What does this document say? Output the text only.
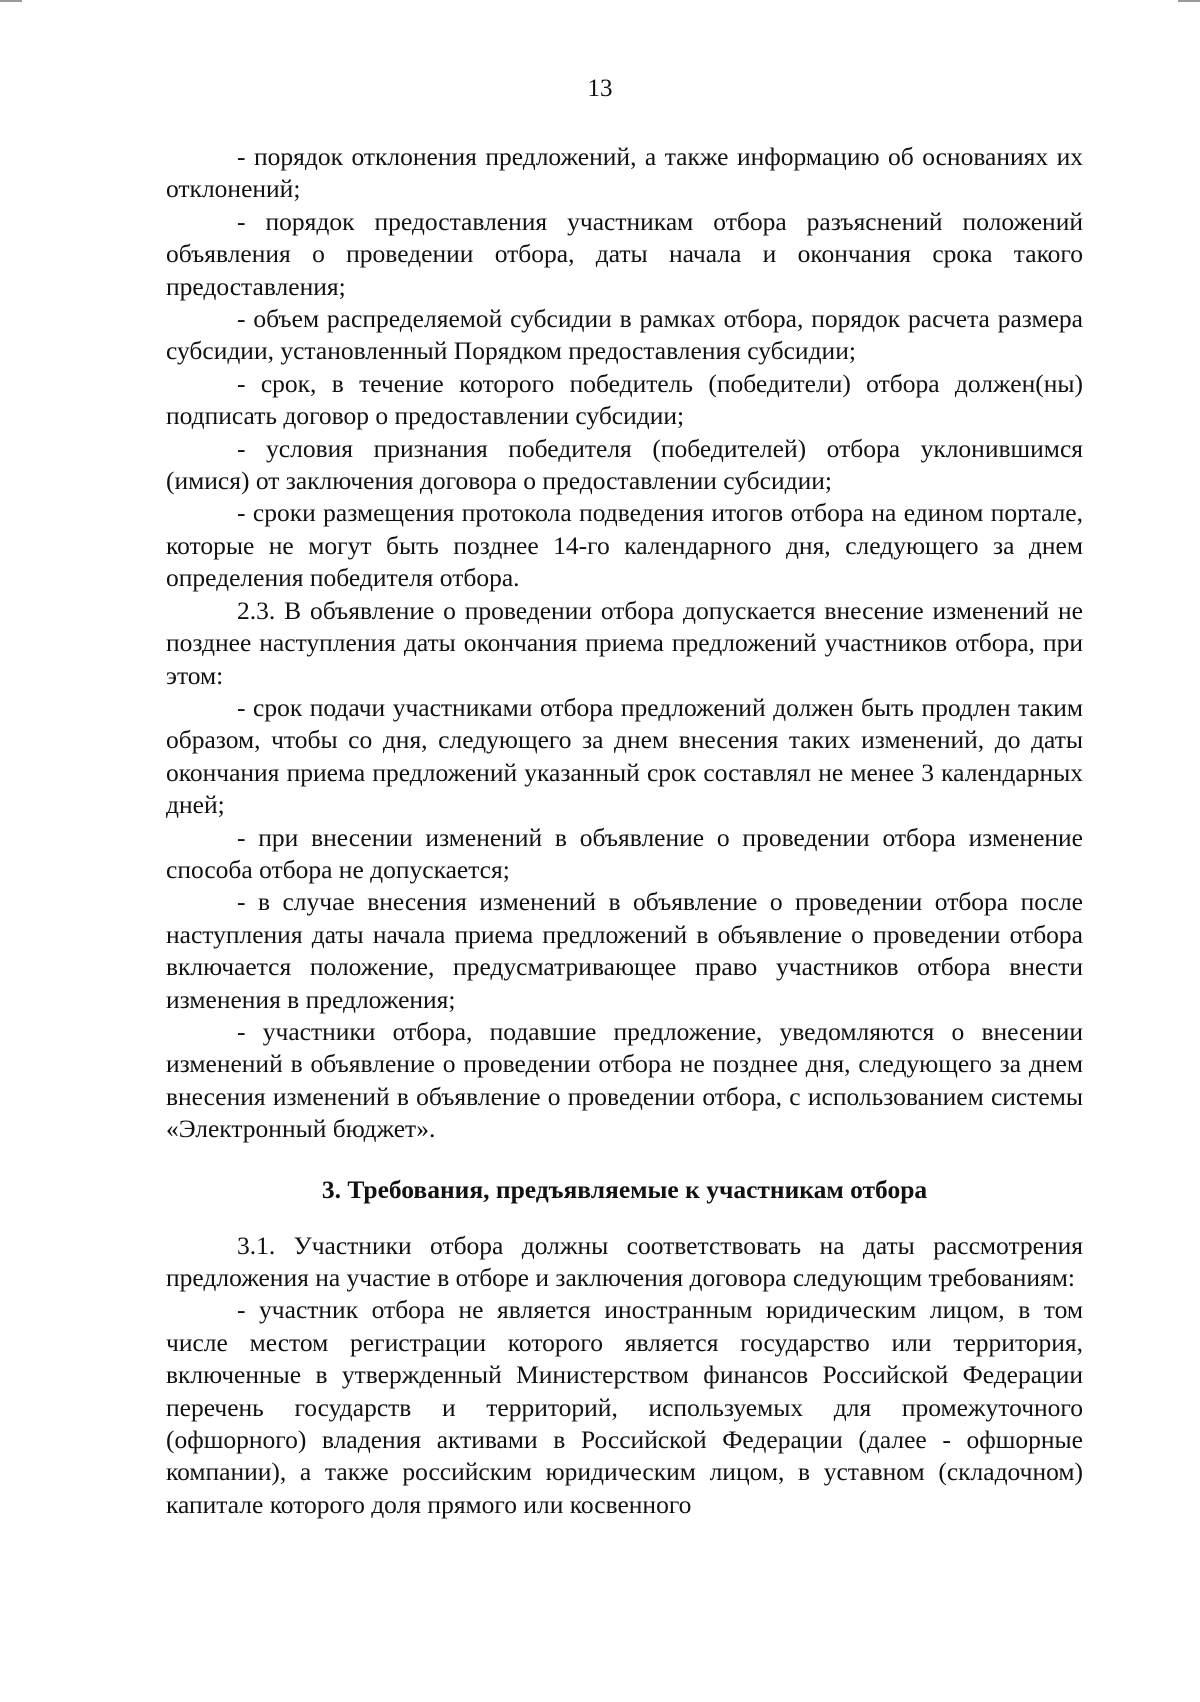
13

- порядок отклонения предложений, а также информацию об основаниях их отклонений;

- порядок предоставления участникам отбора разъяснений положений объявления о проведении отбора, даты начала и окончания срока такого предоставления;

- объем распределяемой субсидии в рамках отбора, порядок расчета размера субсидии, установленный Порядком предоставления субсидии;

- срок, в течение которого победитель (победители) отбора должен(ны) подписать договор о предоставлении субсидии;

- условия признания победителя (победителей) отбора уклонившимся (имися) от заключения договора о предоставлении субсидии;

- сроки размещения протокола подведения итогов отбора на едином портале, которые не могут быть позднее 14-го календарного дня, следующего за днем определения победителя отбора.

2.3. В объявление о проведении отбора допускается внесение изменений не позднее наступления даты окончания приема предложений участников отбора, при этом:

- срок подачи участниками отбора предложений должен быть продлен таким образом, чтобы со дня, следующего за днем внесения таких изменений, до даты окончания приема предложений указанный срок составлял не менее 3 календарных дней;

- при внесении изменений в объявление о проведении отбора изменение способа отбора не допускается;

- в случае внесения изменений в объявление о проведении отбора после наступления даты начала приема предложений в объявление о проведении отбора включается положение, предусматривающее право участников отбора внести изменения в предложения;

- участники отбора, подавшие предложение, уведомляются о внесении изменений в объявление о проведении отбора не позднее дня, следующего за днем внесения изменений в объявление о проведении отбора, с использованием системы «Электронный бюджет».

3. Требования, предъявляемые к участникам отбора

3.1. Участники отбора должны соответствовать на даты рассмотрения предложения на участие в отборе и заключения договора следующим требованиям:

- участник отбора не является иностранным юридическим лицом, в том числе местом регистрации которого является государство или территория, включенные в утвержденный Министерством финансов Российской Федерации перечень государств и территорий, используемых для промежуточного (офшорного) владения активами в Российской Федерации (далее - офшорные компании), а также российским юридическим лицом, в уставном (складочном) капитале которого доля прямого или косвенного
